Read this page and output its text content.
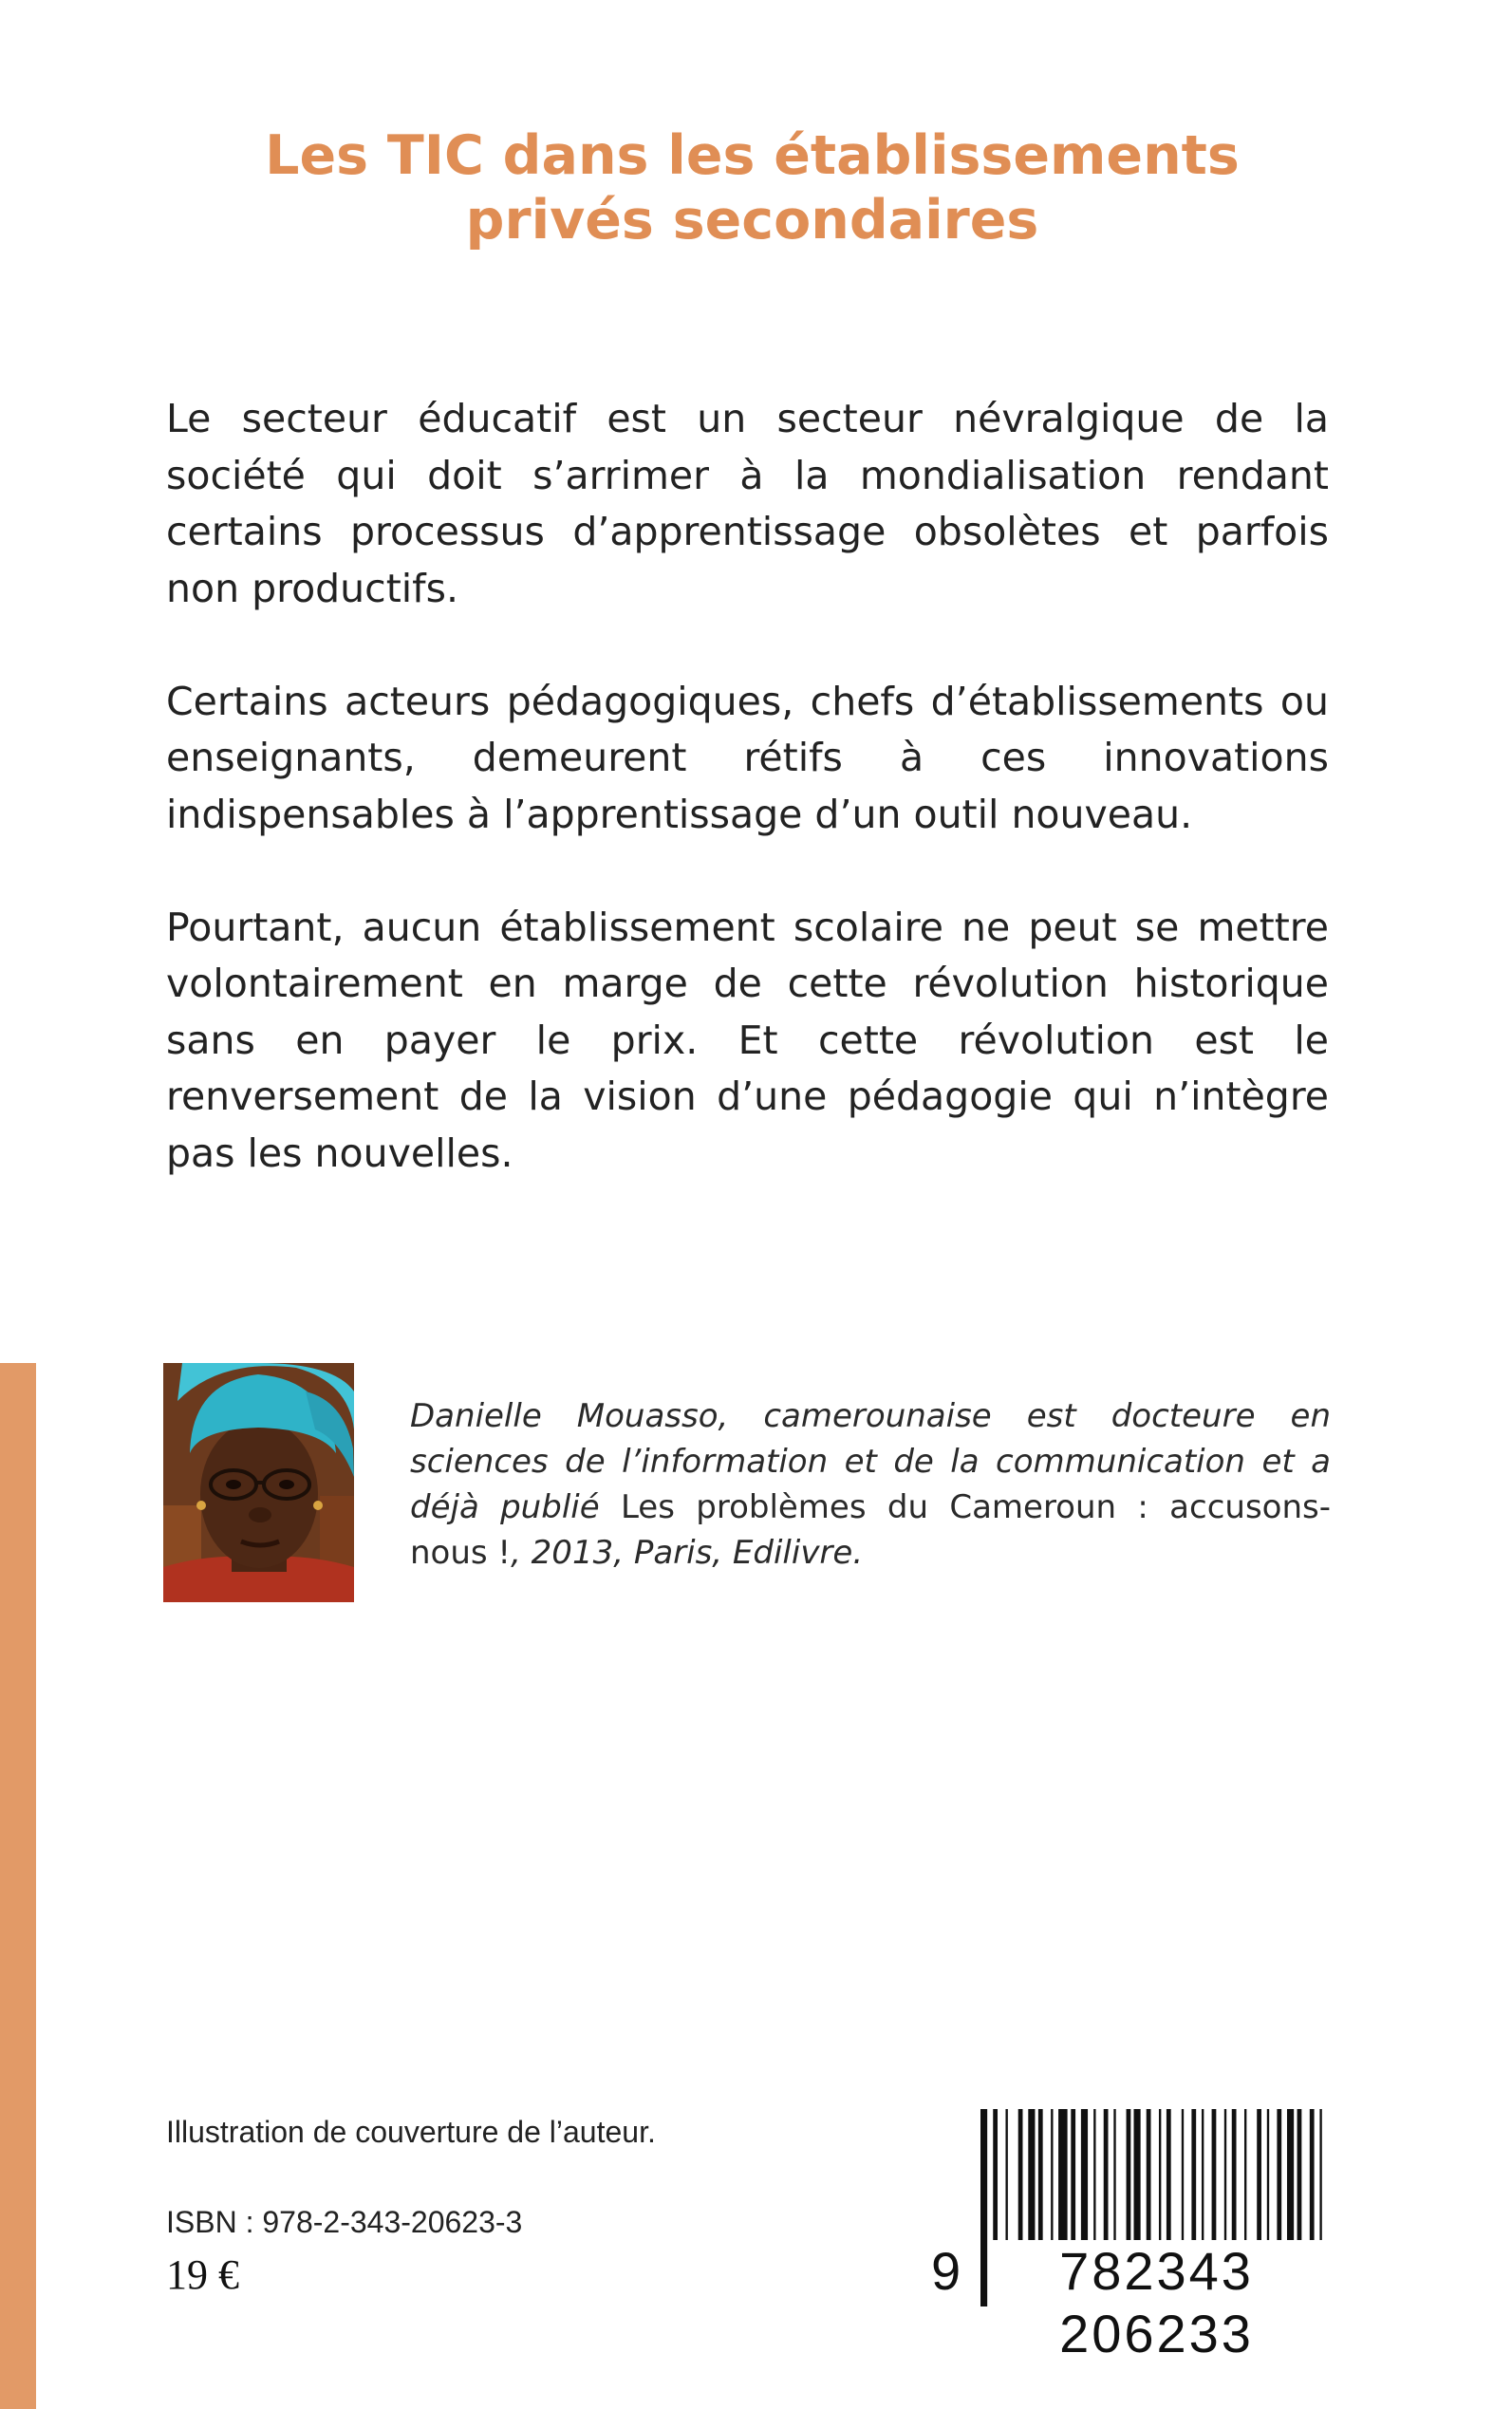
Les TIC dans les établissements
privés secondaires

Le secteur éducatif est un secteur névralgique de la société qui doit s’arrimer à la mondialisation rendant certains processus d’apprentissage obsolètes et parfois non productifs.

Certains acteurs pédagogiques, chefs d’établissements ou enseignants, demeurent rétifs à ces innovations indispensables à l’apprentissage d’un outil nouveau.

Pourtant, aucun établissement scolaire ne peut se mettre volontairement en marge de cette révolution historique sans en payer le prix. Et cette révolution est le renversement de la vision d’une pédagogie qui n’intègre pas les nouvelles.

Danielle Mouasso, camerounaise est docteure en sciences de l’information et de la communication et a déjà publié Les problèmes du Cameroun : accusons-nous !, 2013, Paris, Edilivre.
Illustration de couverture de l’auteur.
ISBN : 978-2-343-20623-3
19 €	9	782343 206233
